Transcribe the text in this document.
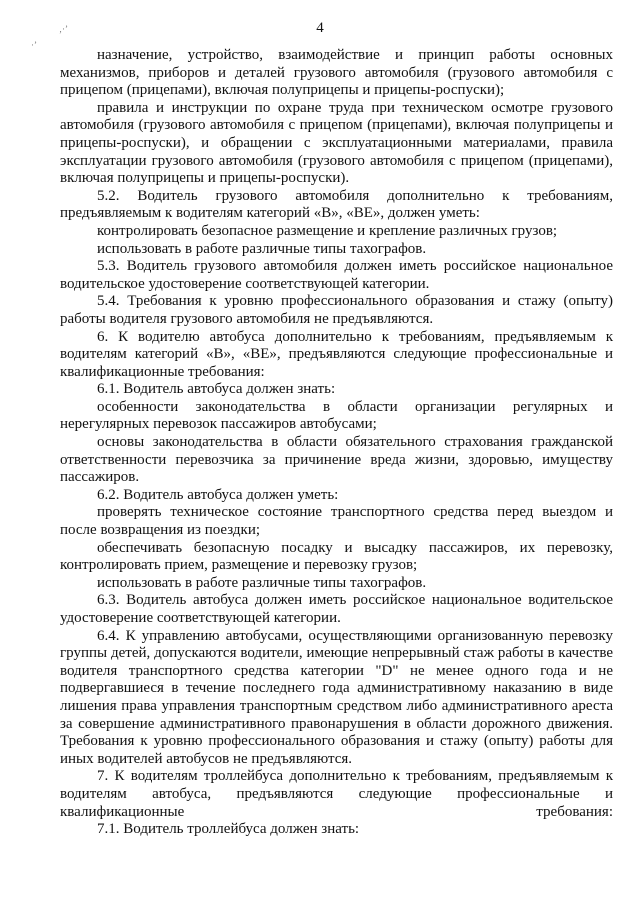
4
‚·’
·’

назначение, устройство, взаимодействие и принцип работы основных механизмов, приборов и деталей грузового автомобиля (грузового автомобиля с прицепом (прицепами), включая полуприцепы и прицепы-роспуски);

правила и инструкции по охране труда при техническом осмотре грузового автомобиля (грузового автомобиля с прицепом (прицепами), включая полуприцепы и прицепы-роспуски), и обращении с эксплуатационными материалами, правила эксплуатации грузового автомобиля (грузового автомобиля с прицепом (прицепами), включая полуприцепы и прицепы-роспуски).

5.2. Водитель грузового автомобиля дополнительно к требованиям, предъявляемым к водителям категорий «В», «ВЕ», должен уметь:

контролировать безопасное размещение и крепление различных грузов;

использовать в работе различные типы тахографов.

5.3. Водитель грузового автомобиля должен иметь российское национальное водительское удостоверение соответствующей категории.

5.4. Требования к уровню профессионального образования и стажу (опыту) работы водителя грузового автомобиля не предъявляются.

6. К водителю автобуса дополнительно к требованиям, предъявляемым к водителям категорий «В», «ВЕ», предъявляются следующие профессиональные и квалификационные требования:

6.1. Водитель автобуса должен знать:

особенности законодательства в области организации регулярных и нерегулярных перевозок пассажиров автобусами;

основы законодательства в области обязательного страхования гражданской ответственности перевозчика за причинение вреда жизни, здоровью, имуществу пассажиров.

6.2. Водитель автобуса должен уметь:

проверять техническое состояние транспортного средства перед выездом и после возвращения из поездки;

обеспечивать безопасную посадку и высадку пассажиров, их перевозку, контролировать прием, размещение и перевозку грузов;

использовать в работе различные типы тахографов.

6.3. Водитель автобуса должен иметь российское национальное водительское удостоверение соответствующей категории.

6.4. К управлению автобусами, осуществляющими организованную перевозку группы детей, допускаются водители, имеющие непрерывный стаж работы в качестве водителя транспортного средства категории "D" не менее одного года и не подвергавшиеся в течение последнего года административному наказанию в виде лишения права управления транспортным средством либо административного ареста за совершение административного правонарушения в области дорожного движения. Требования к уровню профессионального образования и стажу (опыту) работы для иных водителей автобусов не предъявляются.

7. К водителям троллейбуса дополнительно к требованиям, предъявляемым к водителям автобуса, предъявляются следующие профессиональные и квалификационные требования:

7.1. Водитель троллейбуса должен знать:
